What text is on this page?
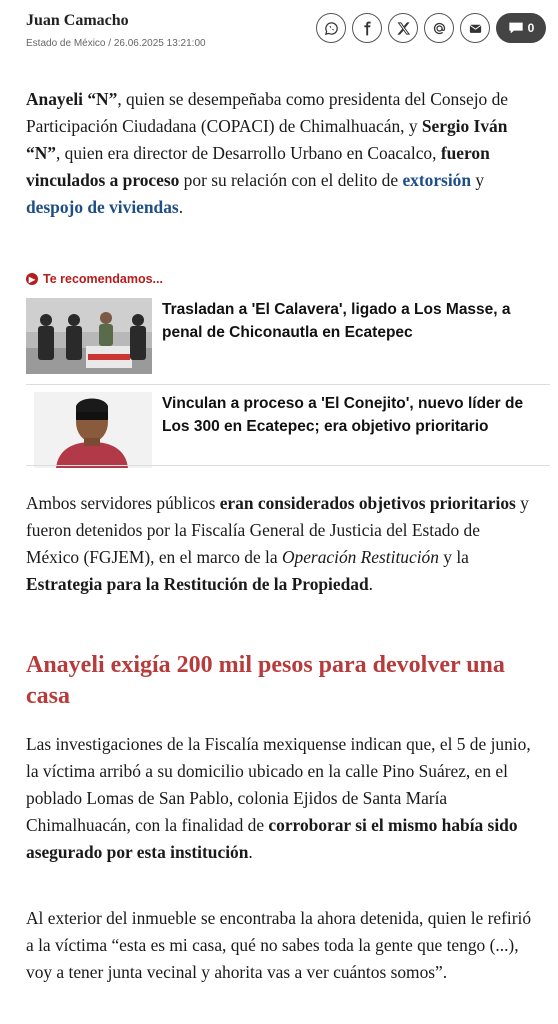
Juan Camacho
Estado de México / 26.06.2025 13:21:00
0

Anayeli “N”, quien se desempeñaba como presidenta del Consejo de Participación Ciudadana (COPACI) de Chimalhuacán, y Sergio Iván “N”, quien era director de Desarrollo Urbano en Coacalco, fueron vinculados a proceso por su relación con el delito de extorsión y despojo de viviendas.

▶ Te recomendamos...
Trasladan a 'El Calavera', ligado a Los Masse, a penal de Chiconautla en Ecatepec
Vinculan a proceso a 'El Conejito', nuevo líder de Los 300 en Ecatepec; era objetivo prioritario

Ambos servidores públicos eran considerados objetivos prioritarios y fueron detenidos por la Fiscalía General de Justicia del Estado de México (FGJEM), en el marco de la Operación Restitución y la Estrategia para la Restitución de la Propiedad.

Anayeli exigía 200 mil pesos para devolver una casa

Las investigaciones de la Fiscalía mexiquense indican que, el 5 de junio, la víctima arribó a su domicilio ubicado en la calle Pino Suárez, en el poblado Lomas de San Pablo, colonia Ejidos de Santa María Chimalhuacán, con la finalidad de corroborar si el mismo había sido asegurado por esta institución.

Al exterior del inmueble se encontraba la ahora detenida, quien le refirió a la víctima “esta es mi casa, qué no sabes toda la gente que tengo (...), voy a tener junta vecinal y ahorita vas a ver cuántos somos”.
